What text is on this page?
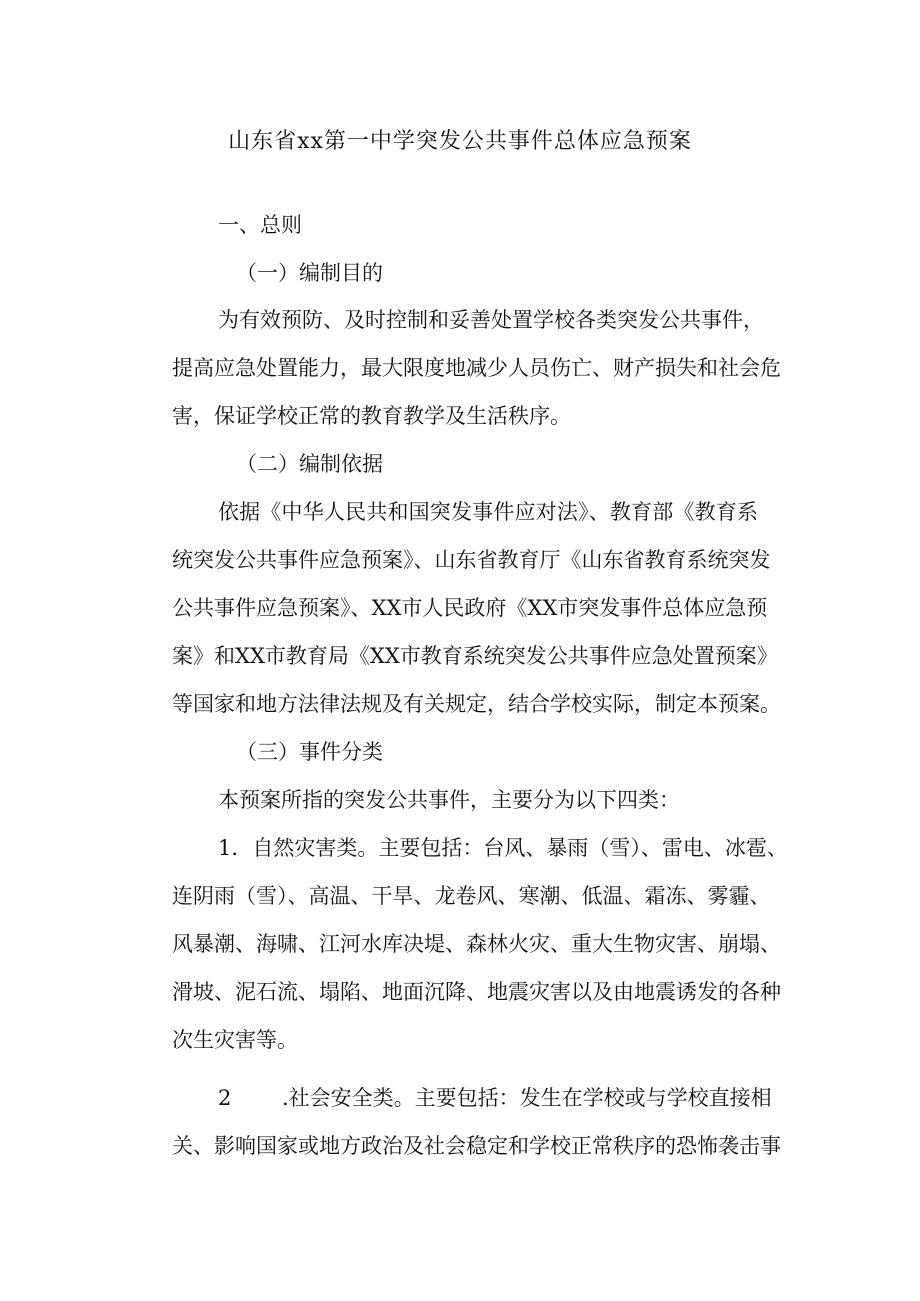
山东省xx第一中学突发公共事件总体应急预案
一、总则
（一）编制目的
为有效预防、及时控制和妥善处置学校各类突发公共事件，
提高应急处置能力，最大限度地减少人员伤亡、财产损失和社会危
害，保证学校正常的教育教学及生活秩序。
（二）编制依据
依据《中华人民共和国突发事件应对法》、教育部《教育系
统突发公共事件应急预案》、山东省教育厅《山东省教育系统突发
公共事件应急预案》、XX市人民政府《XX市突发事件总体应急预
案》和XX市教育局《XX市教育系统突发公共事件应急处置预案》
等国家和地方法律法规及有关规定，结合学校实际，制定本预案。
（三）事件分类
本预案所指的突发公共事件，主要分为以下四类：
1．自然灾害类。主要包括：台风、暴雨（雪）、雷电、冰雹、
连阴雨（雪）、高温、干旱、龙卷风、寒潮、低温、霜冻、雾霾、
风暴潮、海啸、江河水库决堤、森林火灾、重大生物灾害、崩塌、
滑坡、泥石流、塌陷、地面沉降、地震灾害以及由地震诱发的各种
次生灾害等。
2 .社会安全类。主要包括：发生在学校或与学校直接相
关、影响国家或地方政治及社会稳定和学校正常秩序的恐怖袭击事
